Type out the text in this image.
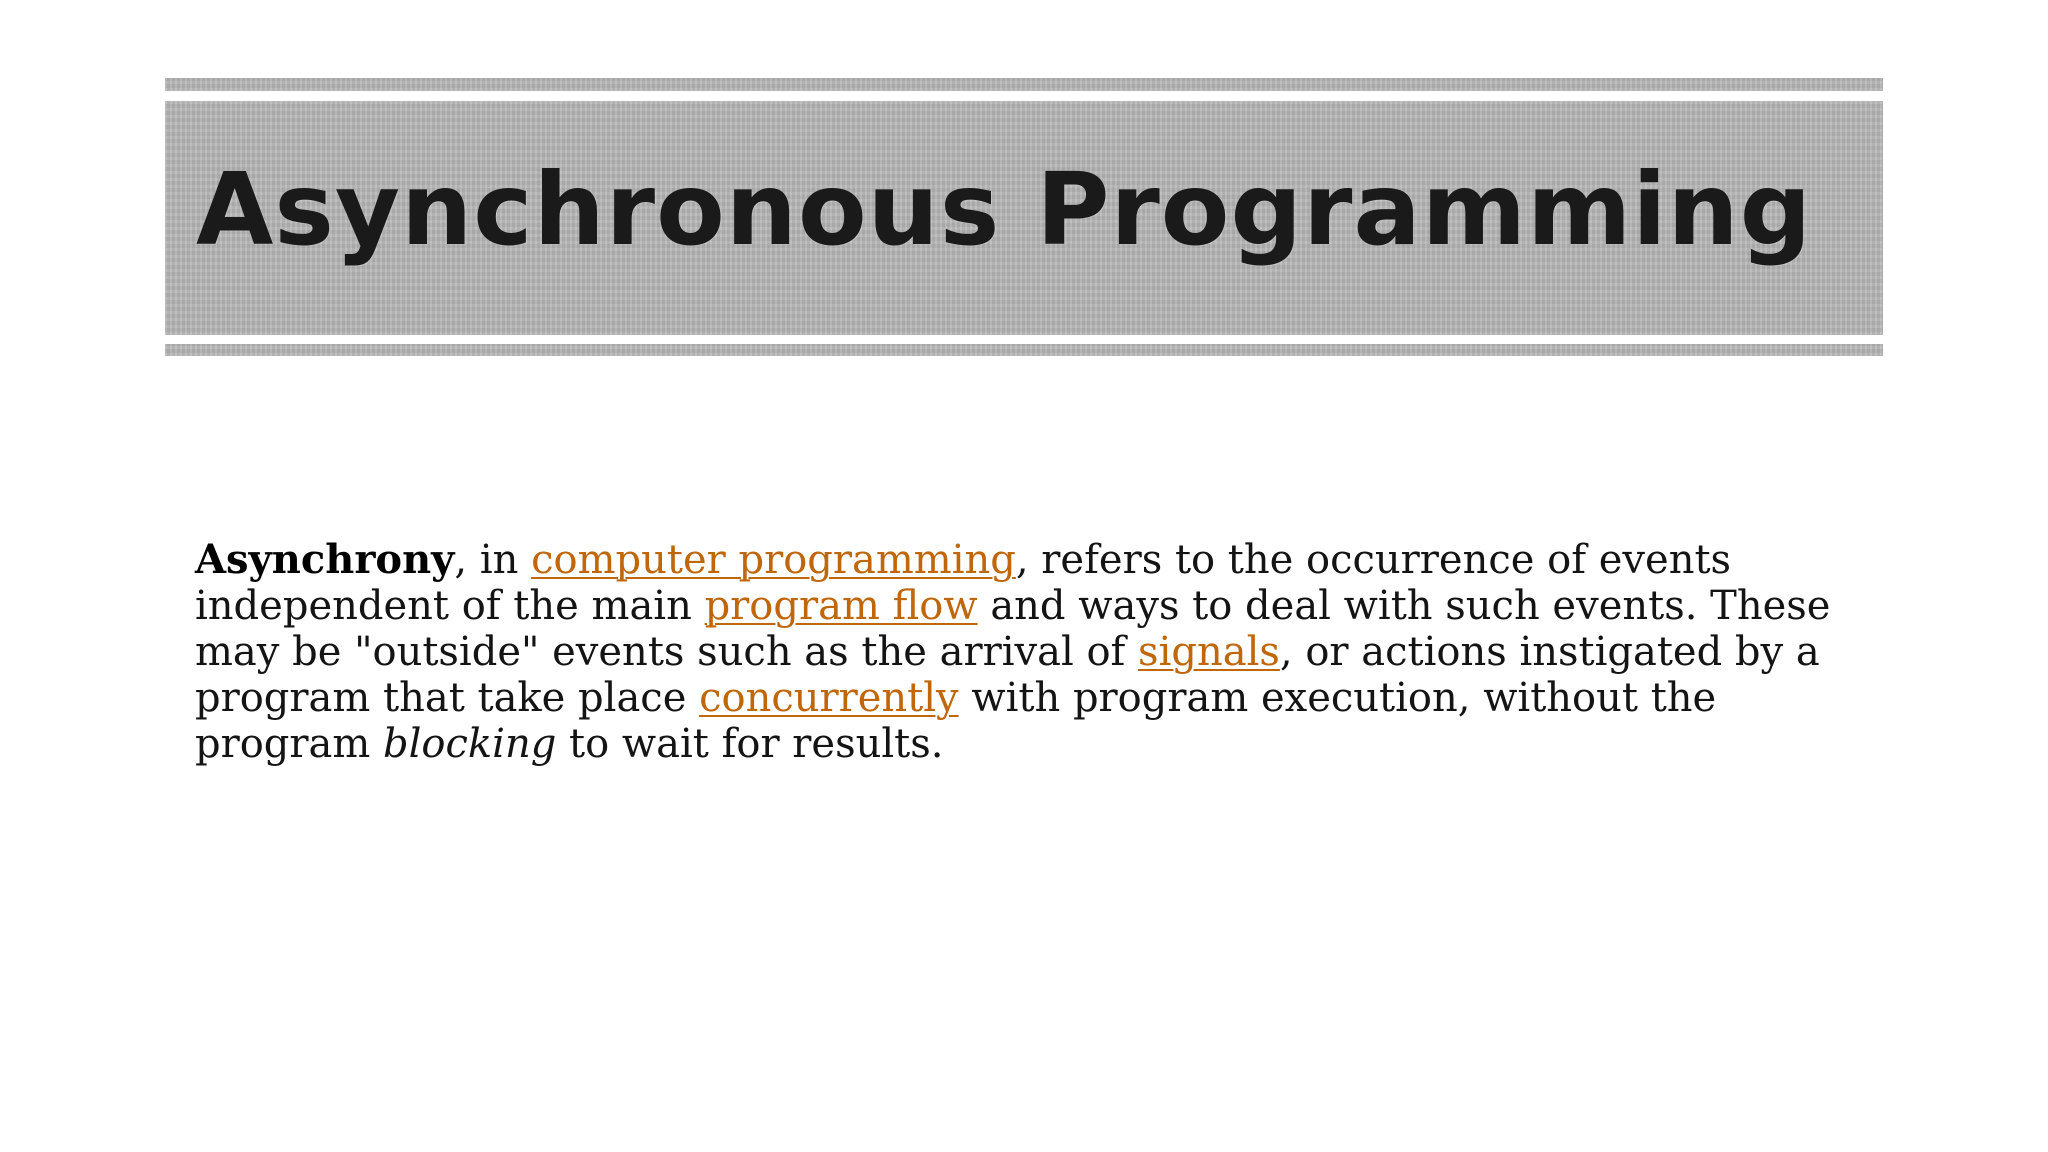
Asynchronous Programming

Asynchrony, in computer programming, refers to the occurrence of events independent of the main program flow and ways to deal with such events. These may be "outside" events such as the arrival of signals, or actions instigated by a program that take place concurrently with program execution, without the program blocking to wait for results.
